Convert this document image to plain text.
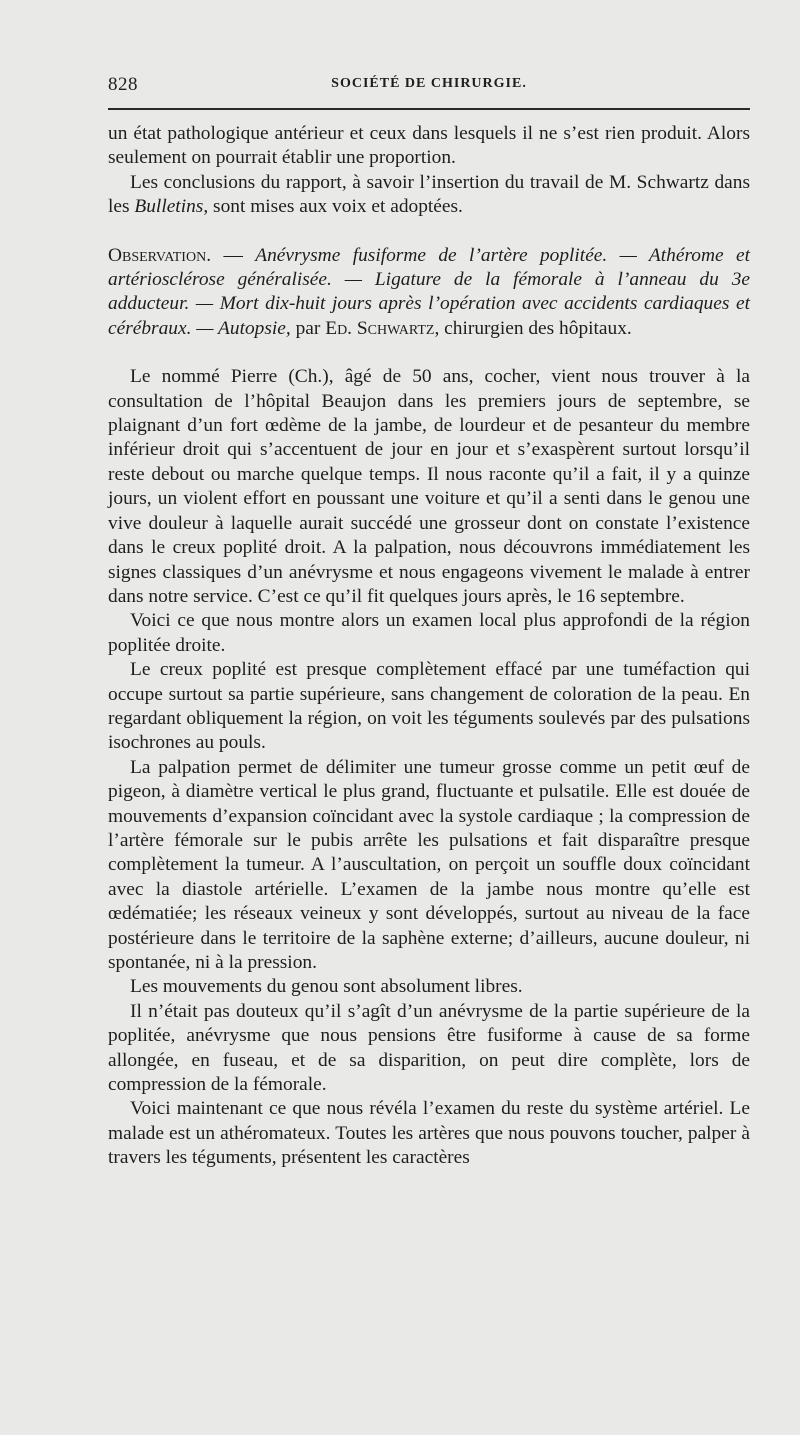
828	SOCIÉTÉ DE CHIRURGIE.

un état pathologique antérieur et ceux dans lesquels il ne s’est rien produit. Alors seulement on pourrait établir une proportion.

Les conclusions du rapport, à savoir l’insertion du travail de M. Schwartz dans les Bulletins, sont mises aux voix et adoptées.

Observation. — Anévrysme fusiforme de l’artère poplitée. — Athérome et artériosclérose généralisée. — Ligature de la fémorale à l’anneau du 3e adducteur. — Mort dix-huit jours après l’opération avec accidents cardiaques et cérébraux. — Autopsie, par Ed. Schwartz, chirurgien des hôpitaux.

Le nommé Pierre (Ch.), âgé de 50 ans, cocher, vient nous trouver à la consultation de l’hôpital Beaujon dans les premiers jours de septembre, se plaignant d’un fort œdème de la jambe, de lourdeur et de pesanteur du membre inférieur droit qui s’accentuent de jour en jour et s’exaspèrent surtout lorsqu’il reste debout ou marche quelque temps. Il nous raconte qu’il a fait, il y a quinze jours, un violent effort en poussant une voiture et qu’il a senti dans le genou une vive douleur à laquelle aurait succédé une grosseur dont on constate l’existence dans le creux poplité droit. A la palpation, nous découvrons immédiatement les signes classiques d’un anévrysme et nous engageons vivement le malade à entrer dans notre service. C’est ce qu’il fit quelques jours après, le 16 septembre.

Voici ce que nous montre alors un examen local plus approfondi de la région poplitée droite.

Le creux poplité est presque complètement effacé par une tuméfaction qui occupe surtout sa partie supérieure, sans changement de coloration de la peau. En regardant obliquement la région, on voit les téguments soulevés par des pulsations isochrones au pouls.

La palpation permet de délimiter une tumeur grosse comme un petit œuf de pigeon, à diamètre vertical le plus grand, fluctuante et pulsatile. Elle est douée de mouvements d’expansion coïncidant avec la systole cardiaque ; la compression de l’artère fémorale sur le pubis arrête les pulsations et fait disparaître presque complètement la tumeur. A l’auscultation, on perçoit un souffle doux coïncidant avec la diastole artérielle. L’examen de la jambe nous montre qu’elle est œdématiée; les réseaux veineux y sont développés, surtout au niveau de la face postérieure dans le territoire de la saphène externe; d’ailleurs, aucune douleur, ni spontanée, ni à la pression.

Les mouvements du genou sont absolument libres.

Il n’était pas douteux qu’il s’agît d’un anévrysme de la partie supérieure de la poplitée, anévrysme que nous pensions être fusiforme à cause de sa forme allongée, en fuseau, et de sa disparition, on peut dire complète, lors de compression de la fémorale.

Voici maintenant ce que nous révéla l’examen du reste du système artériel. Le malade est un athéromateux. Toutes les artères que nous pouvons toucher, palper à travers les téguments, présentent les caractères
